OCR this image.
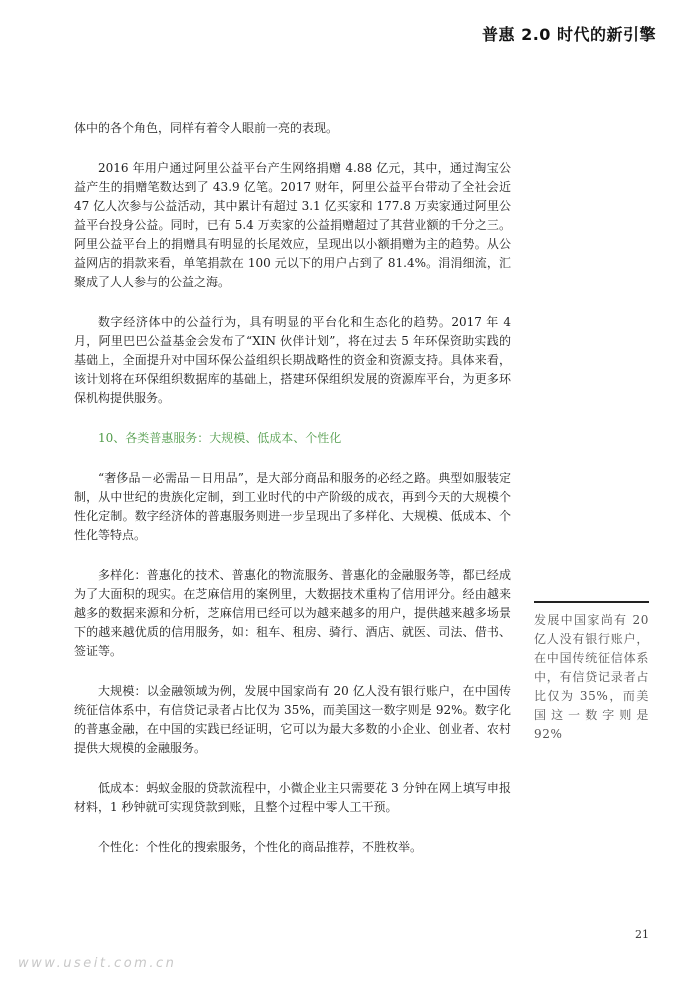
普惠 2.0 时代的新引擎

体中的各个角色，同样有着令人眼前一亮的表现。

2016 年用户通过阿里公益平台产生网络捐赠 4.88 亿元，其中，通过淘宝公益产生的捐赠笔数达到了 43.9 亿笔。2017 财年，阿里公益平台带动了全社会近 47 亿人次参与公益活动，其中累计有超过 3.1 亿买家和 177.8 万卖家通过阿里公益平台投身公益。同时，已有 5.4 万卖家的公益捐赠超过了其营业额的千分之三。阿里公益平台上的捐赠具有明显的长尾效应，呈现出以小额捐赠为主的趋势。从公益网店的捐款来看，单笔捐款在 100 元以下的用户占到了 81.4%。涓涓细流，汇聚成了人人参与的公益之海。

数字经济体中的公益行为，具有明显的平台化和生态化的趋势。2017 年 4 月，阿里巴巴公益基金会发布了“XIN 伙伴计划”，将在过去 5 年环保资助实践的基础上，全面提升对中国环保公益组织长期战略性的资金和资源支持。具体来看，该计划将在环保组织数据库的基础上，搭建环保组织发展的资源库平台，为更多环保机构提供服务。

10、各类普惠服务：大规模、低成本、个性化

“奢侈品－必需品－日用品”，是大部分商品和服务的必经之路。典型如服装定制，从中世纪的贵族化定制，到工业时代的中产阶级的成衣，再到今天的大规模个性化定制。数字经济体的普惠服务则进一步呈现出了多样化、大规模、低成本、个性化等特点。

多样化：普惠化的技术、普惠化的物流服务、普惠化的金融服务等，都已经成为了大面积的现实。在芝麻信用的案例里，大数据技术重构了信用评分。经由越来越多的数据来源和分析，芝麻信用已经可以为越来越多的用户，提供越来越多场景下的越来越优质的信用服务，如：租车、租房、骑行、酒店、就医、司法、借书、签证等。

大规模：以金融领域为例，发展中国家尚有 20 亿人没有银行账户，在中国传统征信体系中，有信贷记录者占比仅为 35%，而美国这一数字则是 92%。数字化的普惠金融，在中国的实践已经证明，它可以为最大多数的小企业、创业者、农村提供大规模的金融服务。

低成本：蚂蚁金服的贷款流程中，小微企业主只需要花 3 分钟在网上填写申报材料，1 秒钟就可实现贷款到账，且整个过程中零人工干预。

个性化：个性化的搜索服务，个性化的商品推荐，不胜枚举。

发展中国家尚有 20 亿人没有银行账户，在中国传统征信体系中，有信贷记录者占比仅为 35%，而美国这一数字则是 92%
21
www.useit.com.cn
